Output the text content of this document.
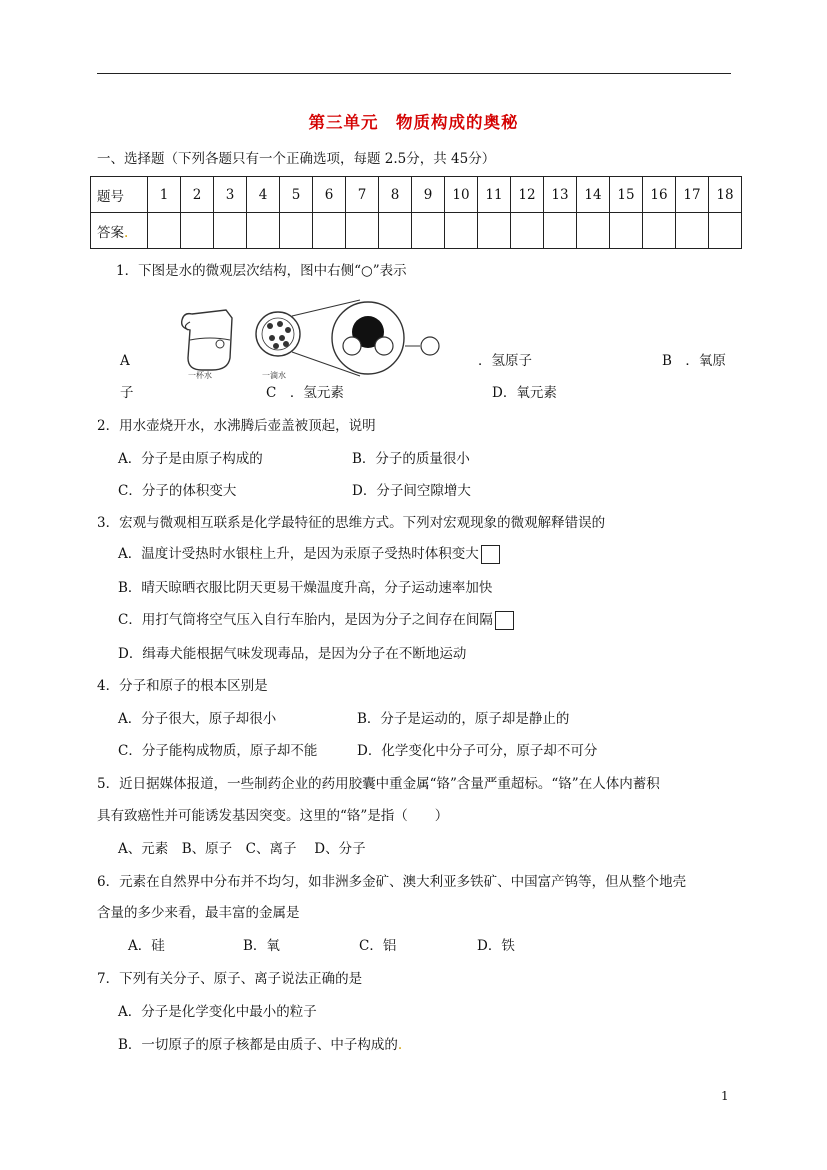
第三单元　物质构成的奥秘
一、选择题（下列各题只有一个正确选项，每题 2.5分，共 45分）
题号	1	2	3	4	5	6	7	8	9	10	11	12	13	14	15	16	17	18
答案.																		
1．下图是水的微观层次结构，图中右侧“○”表示
一杯水	一滴水
A	．氢原子	B　．氧原
子	C　．氢元素	D．氧元素
2．用水壶烧开水，水沸腾后壶盖被顶起，说明
A．分子是由原子构成的	B．分子的质量很小
C．分子的体积变大	D．分子间空隙增大
3．宏观与微观相互联系是化学最特征的思维方式。下列对宏观现象的微观解释错误的
A．温度计受热时水银柱上升，是因为汞原子受热时体积变大
B．晴天晾晒衣服比阴天更易干燥温度升高，分子运动速率加快
C．用打气筒将空气压入自行车胎内，是因为分子之间存在间隔
D．缉毒犬能根据气味发现毒品，是因为分子在不断地运动
4．分子和原子的根本区别是
A．分子很大，原子却很小	B．分子是运动的，原子却是静止的
C．分子能构成物质，原子却不能	D．化学变化中分子可分，原子却不可分
5．近日据媒体报道，一些制药企业的药用胶囊中重金属“铬”含量严重超标。“铬”在人体内蓄积
具有致癌性并可能诱发基因突变。这里的“铬”是指（　　）
A、元素　B、原子　C、离子　 D、分子
6．元素在自然界中分布并不均匀，如非洲多金矿、澳大利亚多铁矿、中国富产钨等，但从整个地壳
含量的多少来看，最丰富的金属是
A．硅	B．氧	C．铝	D．铁
7．下列有关分子、原子、离子说法正确的是
A．分子是化学变化中最小的粒子
B．一切原子的原子核都是由质子、中子构成的.
1
